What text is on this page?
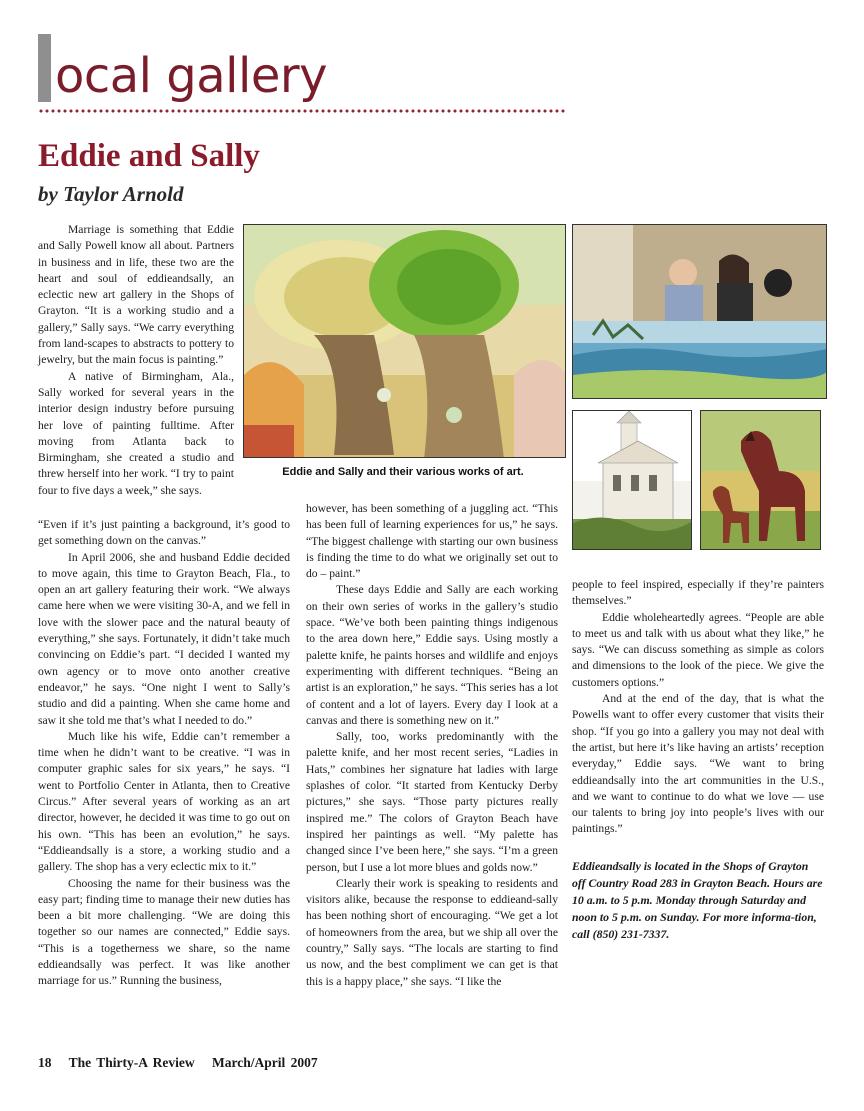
ocal gallery
Eddie and Sally
by Taylor Arnold

Marriage is something that Eddie and Sally Powell know all about. Partners in business and in life, these two are the heart and soul of eddieandsally, an eclectic new art gallery in the Shops of Grayton. “It is a working studio and a gallery,” Sally says. “We carry everything from land-scapes to abstracts to pottery to jewelry, but the main focus is painting.”

A native of Birmingham, Ala., Sally worked for several years in the interior design industry before pursuing her love of painting fulltime. After moving from Atlanta back to Birmingham, she created a studio and threw herself into her work. “I try to paint four to five days a week,” she says.

“Even if it’s just painting a background, it’s good to get something down on the canvas.”

In April 2006, she and husband Eddie decided to move again, this time to Grayton Beach, Fla., to open an art gallery featuring their work. “We always came here when we were visiting 30-A, and we fell in love with the slower pace and the natural beauty of everything,” she says. Fortunately, it didn’t take much convincing on Eddie’s part. “I decided I wanted my own agency or to move onto another creative endeavor,” he says. “One night I went to Sally’s studio and did a painting. When she came home and saw it she told me that’s what I needed to do.”

Much like his wife, Eddie can’t remember a time when he didn’t want to be creative. “I was in computer graphic sales for six years,” he says. “I went to Portfolio Center in Atlanta, then to Creative Circus.” After several years of working as an art director, however, he decided it was time to go out on his own. “This has been an evolution,” he says. “Eddieandsally is a store, a working studio and a gallery. The shop has a very eclectic mix to it.”

Choosing the name for their business was the easy part; finding time to manage their new duties has been a bit more challenging. “We are doing this together so our names are connected,” Eddie says. “This is a togetherness we share, so the name eddieandsally was perfect. It was like another marriage for us.” Running the business,

Eddie and Sally and their various works of art.

however, has been something of a juggling act. “This has been full of learning experiences for us,” he says. “The biggest challenge with starting our own business is finding the time to do what we originally set out to do – paint.”

These days Eddie and Sally are each working on their own series of works in the gallery’s studio space. “We’ve both been painting things indigenous to the area down here,” Eddie says. Using mostly a palette knife, he paints horses and wildlife and enjoys experimenting with different techniques. “Being an artist is an exploration,” he says. “This series has a lot of content and a lot of layers. Every day I look at a canvas and there is something new on it.”

Sally, too, works predominantly with the palette knife, and her most recent series, “Ladies in Hats,” combines her signature hat ladies with large splashes of color. “It started from Kentucky Derby pictures,” she says. “Those party pictures really inspired me.” The colors of Grayton Beach have inspired her paintings as well. “My palette has changed since I’ve been here,” she says. “I’m a green person, but I use a lot more blues and golds now.”

Clearly their work is speaking to residents and visitors alike, because the response to eddieand-sally has been nothing short of encouraging. “We get a lot of homeowners from the area, but we ship all over the country,” Sally says. “The locals are starting to find us now, and the best compliment we can get is that this is a happy place,” she says. “I like the

people to feel inspired, especially if they’re painters themselves.”

Eddie wholeheartedly agrees. “People are able to meet us and talk with us about what they like,” he says. “We can discuss something as simple as colors and dimensions to the look of the piece. We give the customers options.”

And at the end of the day, that is what the Powells want to offer every customer that visits their shop. “If you go into a gallery you may not deal with the artist, but here it’s like having an artists’ reception everyday,” Eddie says. “We want to bring eddieandsally into the art communities in the U.S., and we want to continue to do what we love — use our talents to bring joy into people’s lives with our paintings.”

Eddieandsally is located in the Shops of Grayton off Country Road 283 in Grayton Beach. Hours are 10 a.m. to 5 p.m. Monday through Saturday and noon to 5 p.m. on Sunday. For more informa-tion, call (850) 231-7337.
18 The Thirty-A Review March/April 2007
